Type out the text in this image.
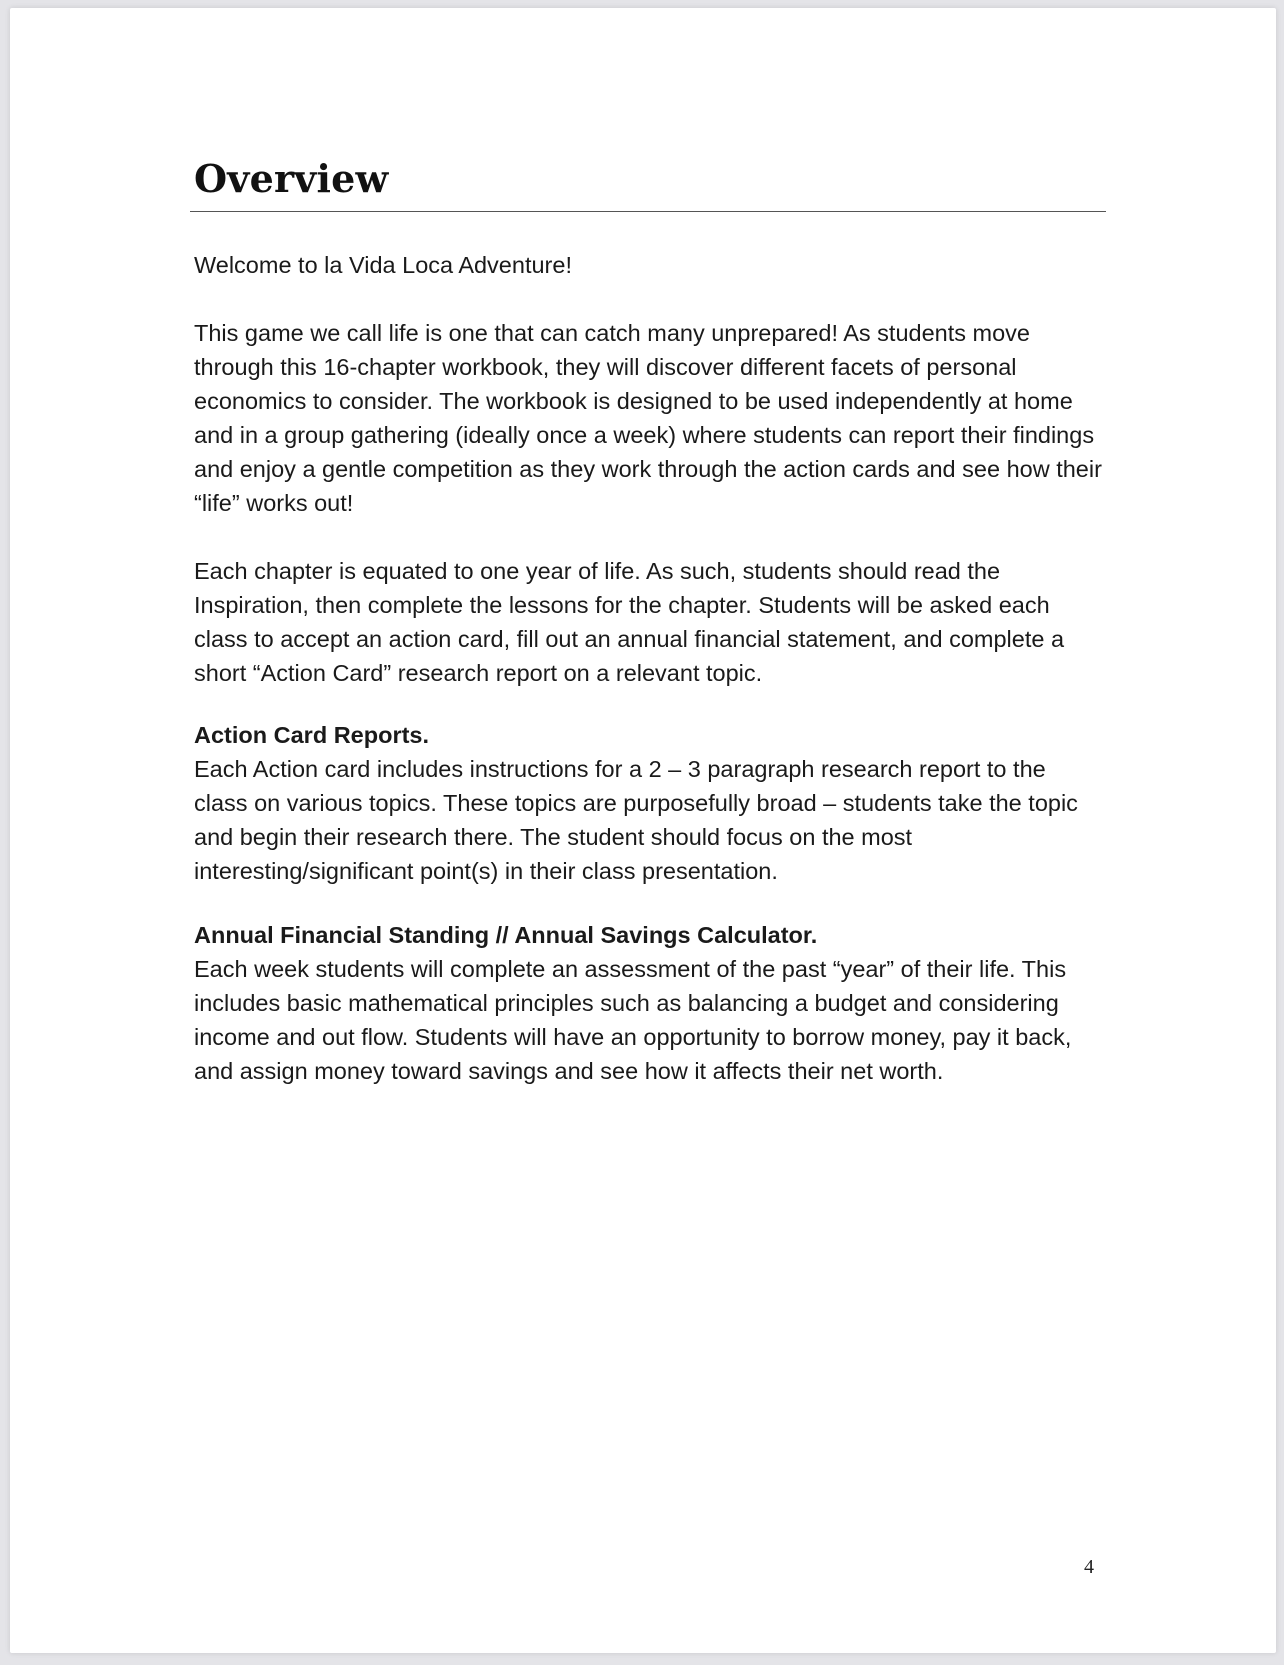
Overview

Welcome to la Vida Loca Adventure!

This game we call life is one that can catch many unprepared! As students move through this 16-chapter workbook, they will discover different facets of personal economics to consider. The workbook is designed to be used independently at home and in a group gathering (ideally once a week) where students can report their findings and enjoy a gentle competition as they work through the action cards and see how their “life” works out!

Each chapter is equated to one year of life. As such, students should read the Inspiration, then complete the lessons for the chapter. Students will be asked each class to accept an action card, fill out an annual financial statement, and complete a short “Action Card” research report on a relevant topic.

Action Card Reports.

Each Action card includes instructions for a 2 – 3 paragraph research report to the class on various topics. These topics are purposefully broad – students take the topic and begin their research there. The student should focus on the most interesting/significant point(s) in their class presentation.

Annual Financial Standing // Annual Savings Calculator.

Each week students will complete an assessment of the past “year” of their life. This includes basic mathematical principles such as balancing a budget and considering income and out flow. Students will have an opportunity to borrow money, pay it back, and assign money toward savings and see how it affects their net worth.

4
